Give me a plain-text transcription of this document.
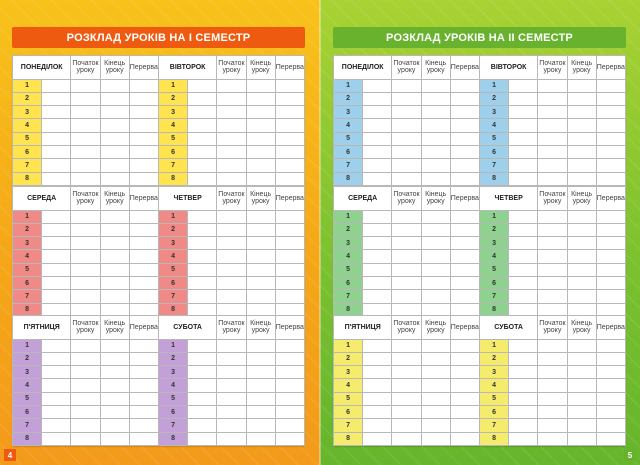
РОЗКЛАД УРОКІВ НА І СЕМЕСТР	РОЗКЛАД УРОКІВ НА ІІ СЕМЕСТР
ПОНЕДІЛОК		Початок уроку	Кінець уроку	Перерва	ВІВТОРОК		Початок уроку	Кінець уроку	Перерва
1					1				
2					2				
3					3				
4					4				
5					5				
6					6				
7					7				
8					8				
СЕРЕДА		Початок уроку	Кінець уроку	Перерва	ЧЕТВЕР		Початок уроку	Кінець уроку	Перерва
1					1				
2					2				
3					3				
4					4				
5					5				
6					6				
7					7				
8					8				
П'ЯТНИЦЯ		Початок уроку	Кінець уроку	Перерва	СУБОТА		Початок уроку	Кінець уроку	Перерва
1					1				
2					2				
3					3				
4					4				
5					5				
6					6				
7					7				
8					8				
ПОНЕДІЛОК		Початок уроку	Кінець уроку	Перерва	ВІВТОРОК		Початок уроку	Кінець уроку	Перерва
1					1				
2					2				
3					3				
4					4				
5					5				
6					6				
7					7				
8					8				
СЕРЕДА		Початок уроку	Кінець уроку	Перерва	ЧЕТВЕР		Початок уроку	Кінець уроку	Перерва
1					1				
2					2				
3					3				
4					4				
5					5				
6					6				
7					7				
8					8				
П'ЯТНИЦЯ		Початок уроку	Кінець уроку	Перерва	СУБОТА		Початок уроку	Кінець уроку	Перерва
1					1				
2					2				
3					3				
4					4				
5					5				
6					6				
7					7				
8					8				
4	5
